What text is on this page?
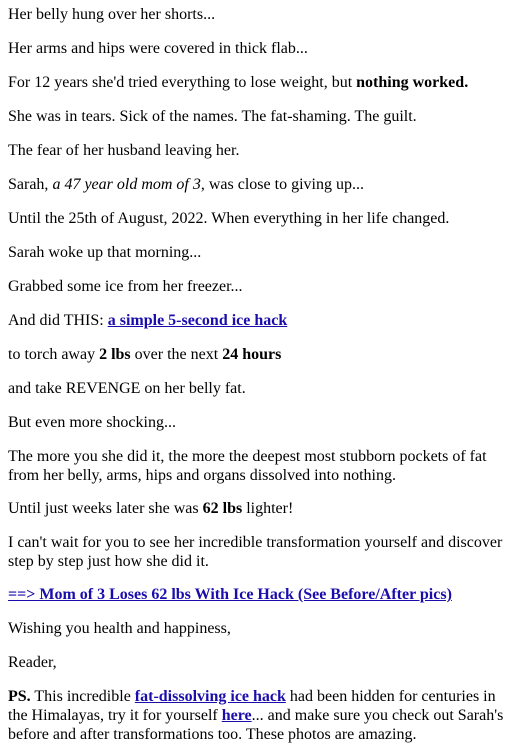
Her belly hung over her shorts...

Her arms and hips were covered in thick flab...

For 12 years she'd tried everything to lose weight, but nothing worked.

She was in tears. Sick of the names. The fat-shaming. The guilt.

The fear of her husband leaving her.

Sarah, a 47 year old mom of 3, was close to giving up...

Until the 25th of August, 2022. When everything in her life changed.

Sarah woke up that morning...

Grabbed some ice from her freezer...

And did THIS: a simple 5-second ice hack

to torch away 2 lbs over the next 24 hours

and take REVENGE on her belly fat.

But even more shocking...

The more you she did it, the more the deepest most stubborn pockets of fat from her belly, arms, hips and organs dissolved into nothing.

Until just weeks later she was 62 lbs lighter!

I can't wait for you to see her incredible transformation yourself and discover step by step just how she did it.

==> Mom of 3 Loses 62 lbs With Ice Hack (See Before/After pics)

Wishing you health and happiness,

Reader,

PS. This incredible fat-dissolving ice hack had been hidden for centuries in the Himalayas, try it for yourself here... and make sure you check out Sarah's before and after transformations too. These photos are amazing.
